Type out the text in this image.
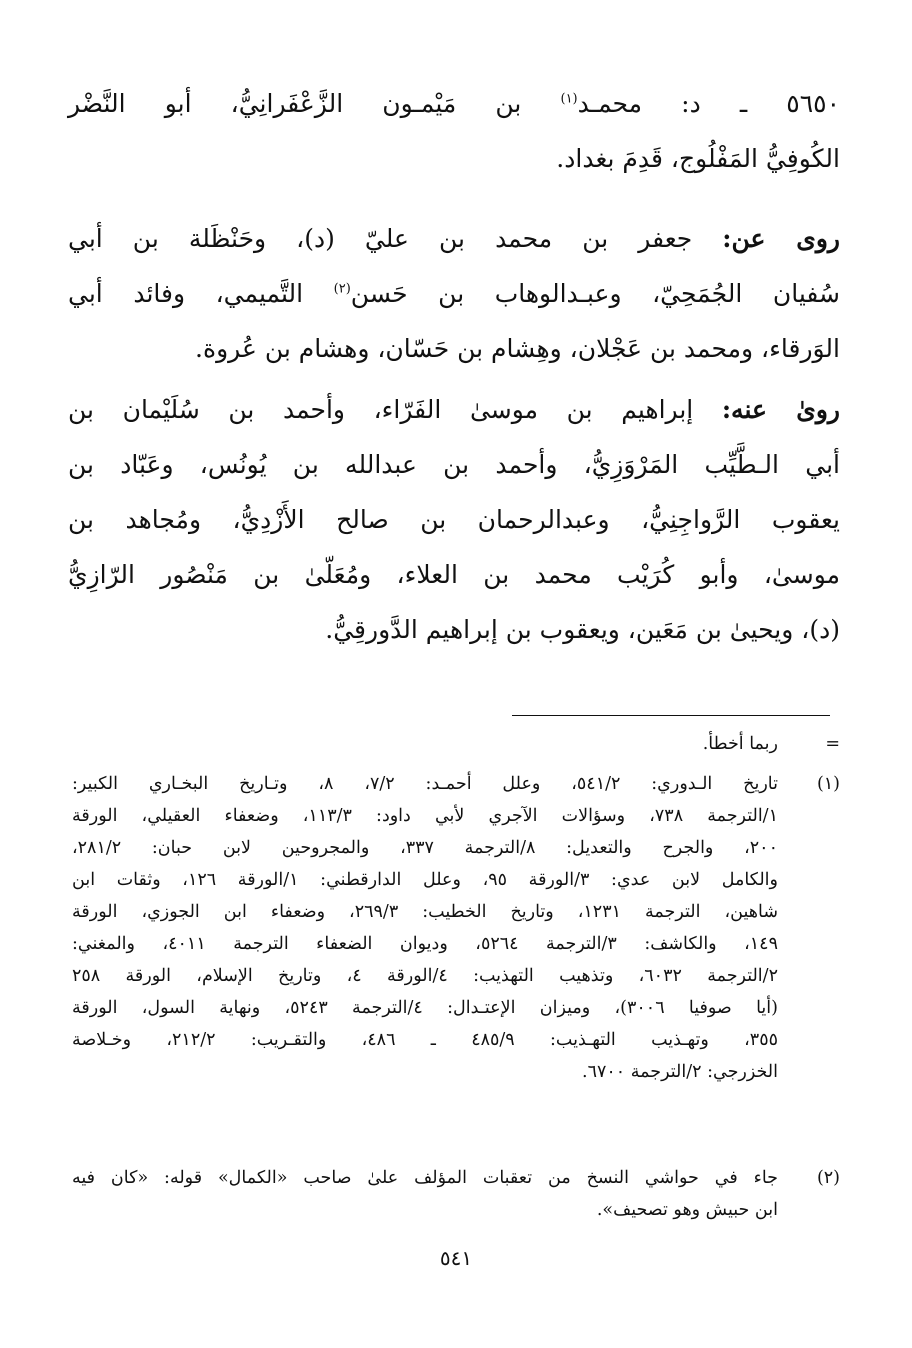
٥٦٥٠ ـ د: محمـد$^{(١)}$ بن مَيْمـون الزَّعْفَرانِيُّ، أبو النَّضْر
الكُوفِيُّ المَفْلُوج، قَدِمَ بغداد.
روى عن: جعفر بن محمد بن عليّ (د)، وحَنْظَلة بن أبي
سُفيان الجُمَحِيّ، وعبـدالوهاب بن حَسن$^{(٢)}$ التَّميمي، وفائد أبي
الوَرقاء، ومحمد بن عَجْلان، وهِشام بن حَسّان، وهشام بن عُروة.
روىٰ عنه: إبراهيم بن موسىٰ الفَرّاء، وأحمد بن سُلَيْمان بن
أبي الـطَّيِّب المَرْوَزِيُّ، وأحمد بن عبدالله بن يُونُس، وعَبّاد بن
يعقوب الرَّواجِنِيُّ، وعبدالرحمان بن صالح الأَزْدِيُّ، ومُجاهد بن
موسىٰ، وأبو كُرَيْب محمد بن العلاء، ومُعَلّىٰ بن مَنْصُور الرّازِيُّ
(د)، ويحيىٰ بن مَعَين، ويعقوب بن إبراهيم الدَّورقِيُّ.
=
ربما أخطأ.
(١)
تاريخ الـدوري: ٥٤١/٢، وعلل أحمـد: ٧/٢، ٨، وتـاريخ البخـاري الكبير:
١/الترجمة ٧٣٨، وسؤالات الآجري لأبي داود: ١١٣/٣، وضعفاء العقيلي، الورقة
٢٠٠، والجرح والتعديل: ٨/الترجمة ٣٣٧، والمجروحين لابن حبان: ٢٨١/٢،
والكامل لابن عدي: ٣/الورقة ٩٥، وعلل الدارقطني: ١/الورقة ١٢٦، وثقات ابن
شاهين، الترجمة ١٢٣١، وتاريخ الخطيب: ٢٦٩/٣، وضعفاء ابن الجوزي، الورقة
١٤٩، والكاشف: ٣/الترجمة ٥٢٦٤، وديوان الضعفاء الترجمة ٤٠١١، والمغني:
٢/الترجمة ٦٠٣٢، وتذهيب التهذيب: ٤/الورقة ٤، وتاريخ الإسلام، الورقة ٢٥٨
(أيا صوفيا ٣٠٠٦)، وميزان الإعتـدال: ٤/الترجمة ٥٢٤٣، ونهاية السول، الورقة
٣٥٥، وتهـذيب التهـذيب: ٤٨٥/٩ ـ ٤٨٦، والتقـريب: ٢١٢/٢، وخـلاصة
الخزرجي: ٢/الترجمة ٦٧٠٠.
(٢)
جاء في حواشي النسخ من تعقبات المؤلف علىٰ صاحب «الكمال» قوله: «كان فيه
ابن حبيش وهو تصحيف».
٥٤١
